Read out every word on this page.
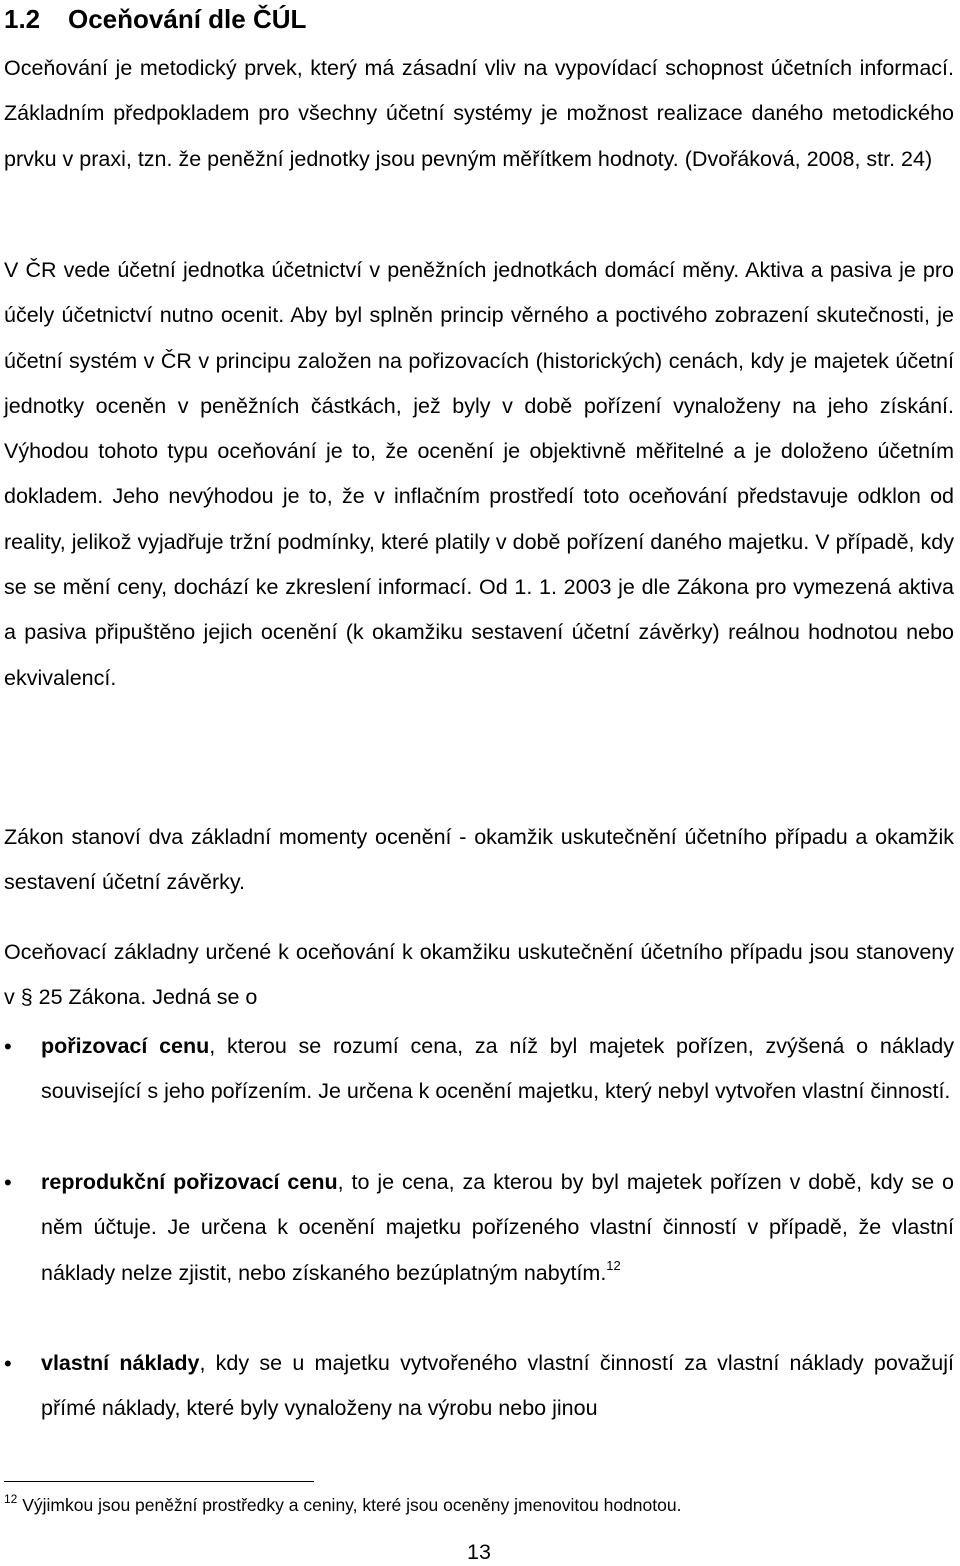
1.2 Oceňování dle ČÚL

Oceňování je metodický prvek, který má zásadní vliv na vypovídací schopnost účetních informací. Základním předpokladem pro všechny účetní systémy je možnost realizace daného metodického prvku v praxi, tzn. že peněžní jednotky jsou pevným měřítkem hodnoty. (Dvořáková, 2008, str. 24)

V ČR vede účetní jednotka účetnictví v peněžních jednotkách domácí měny. Aktiva a pasiva je pro účely účetnictví nutno ocenit. Aby byl splněn princip věrného a poctivého zobrazení skutečnosti, je účetní systém v ČR v principu založen na pořizovacích (historických) cenách, kdy je majetek účetní jednotky oceněn v peněžních částkách, jež byly v době pořízení vynaloženy na jeho získání. Výhodou tohoto typu oceňování je to, že ocenění je objektivně měřitelné a je doloženo účetním dokladem. Jeho nevýhodou je to, že v inflačním prostředí toto oceňování představuje odklon od reality, jelikož vyjadřuje tržní podmínky, které platily v době pořízení daného majetku. V případě, kdy se se mění ceny, dochází ke zkreslení informací. Od 1. 1. 2003 je dle Zákona pro vymezená aktiva a pasiva připuštěno jejich ocenění (k okamžiku sestavení účetní závěrky) reálnou hodnotou nebo ekvivalencí.

Zákon stanoví dva základní momenty ocenění - okamžik uskutečnění účetního případu a okamžik sestavení účetní závěrky.

Oceňovací základny určené k oceňování k okamžiku uskutečnění účetního případu jsou stanoveny v § 25 Zákona. Jedná se o

•	pořizovací cenu, kterou se rozumí cena, za níž byl majetek pořízen, zvýšená o náklady související s jeho pořízením. Je určena k ocenění majetku, který nebyl vytvořen vlastní činností.
•	reprodukční pořizovací cenu, to je cena, za kterou by byl majetek pořízen v době, kdy se o něm účtuje. Je určena k ocenění majetku pořízeného vlastní činností v případě, že vlastní náklady nelze zjistit, nebo získaného bezúplatným nabytím.$^{12}$
•	vlastní náklady, kdy se u majetku vytvořeného vlastní činností za vlastní náklady považují přímé náklady, které byly vynaloženy na výrobu nebo jinou

$^{12}$ Výjimkou jsou peněžní prostředky a ceniny, které jsou oceněny jmenovitou hodnotou.

13
